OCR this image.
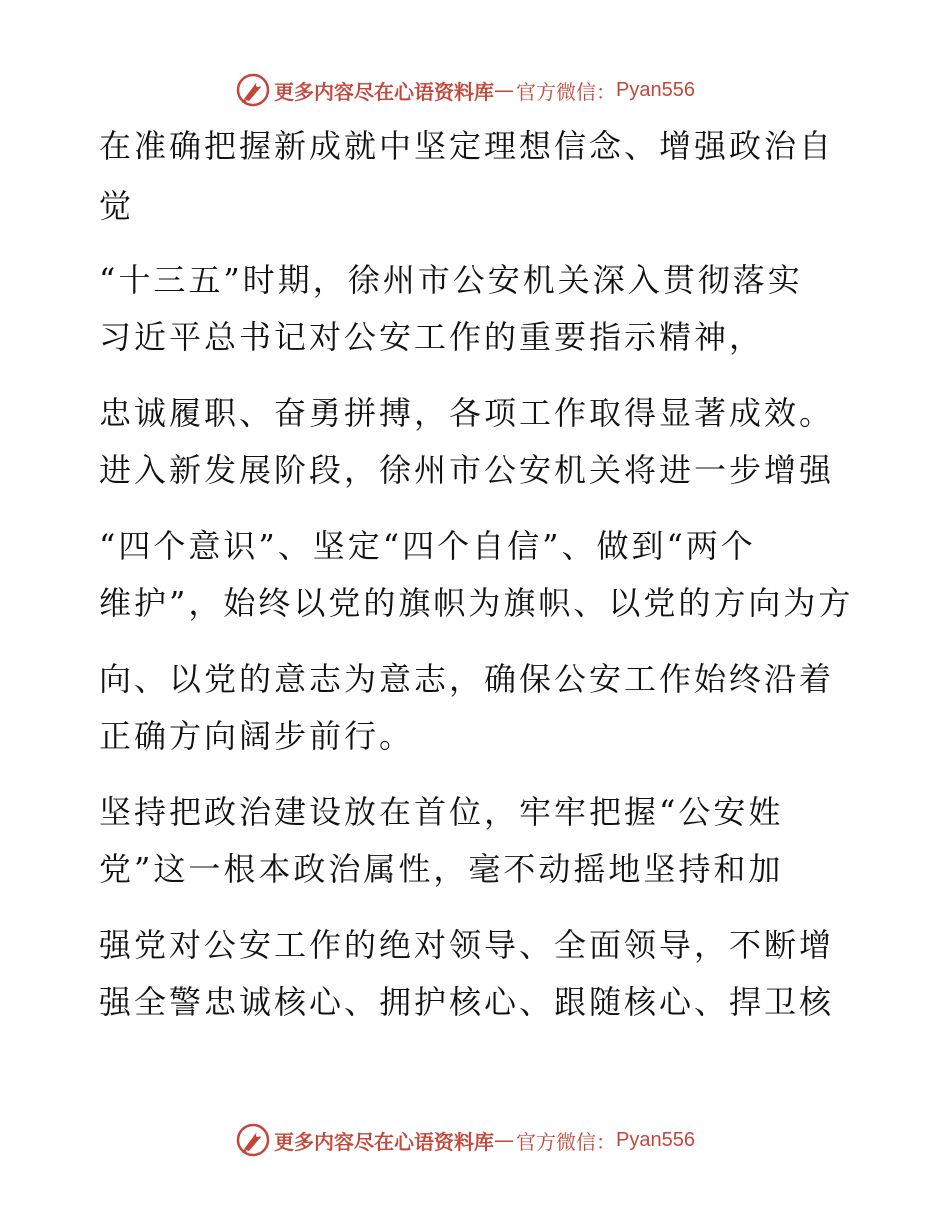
更多内容尽在心语资料库 — 官方微信： Pyan556
在准确把握新成就中坚定理想信念、增强政治自
觉
“十三五”时期，徐州市公安机关深入贯彻落实
习近平总书记对公安工作的重要指示精神，
忠诚履职、奋勇拼搏，各项工作取得显著成效。
进入新发展阶段，徐州市公安机关将进一步增强
“四个意识”、坚定“四个自信”、做到“两个
维护”，始终以党的旗帜为旗帜、以党的方向为方
向、以党的意志为意志，确保公安工作始终沿着
正确方向阔步前行。
坚持把政治建设放在首位，牢牢把握“公安姓
党”这一根本政治属性，毫不动摇地坚持和加
强党对公安工作的绝对领导、全面领导，不断增
强全警忠诚核心、拥护核心、跟随核心、捍卫核
更多内容尽在心语资料库 — 官方微信： Pyan556
